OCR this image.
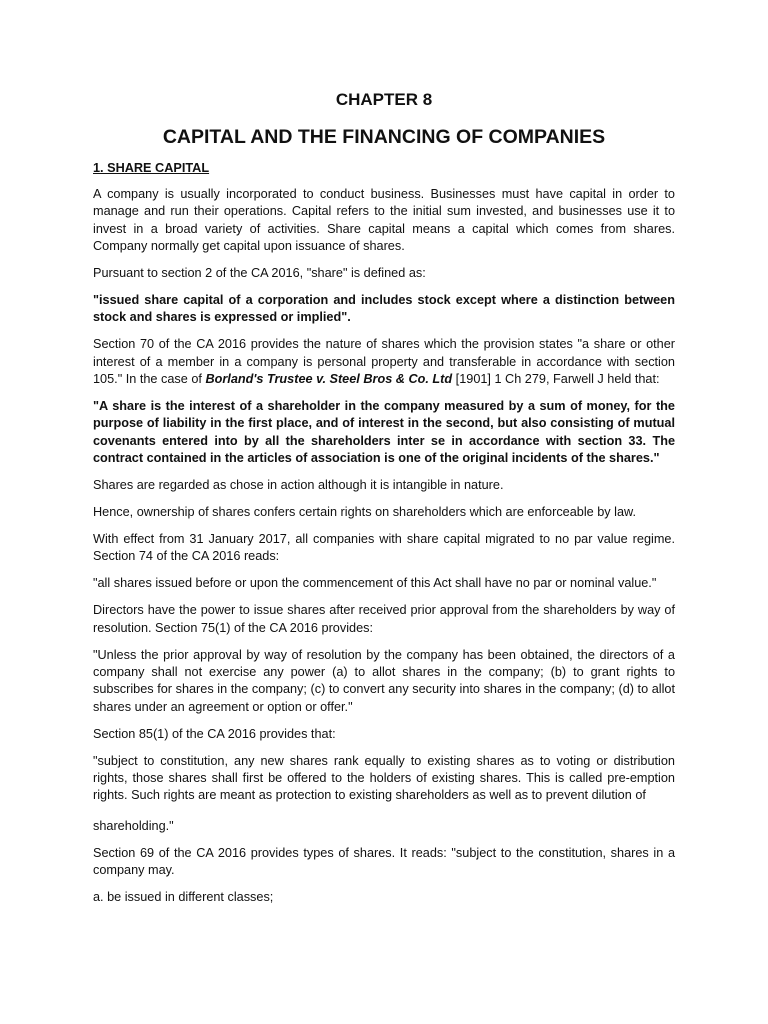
CHAPTER 8
CAPITAL AND THE FINANCING OF COMPANIES
1. SHARE CAPITAL

A company is usually incorporated to conduct business. Businesses must have capital in order to manage and run their operations. Capital refers to the initial sum invested, and businesses use it to invest in a broad variety of activities. Share capital means a capital which comes from shares. Company normally get capital upon issuance of shares.

Pursuant to section 2 of the CA 2016, "share" is defined as:

"issued share capital of a corporation and includes stock except where a distinction between stock and shares is expressed or implied".

Section 70 of the CA 2016 provides the nature of shares which the provision states "a share or other interest of a member in a company is personal property and transferable in accordance with section 105." In the case of Borland's Trustee v. Steel Bros & Co. Ltd [1901] 1 Ch 279, Farwell J held that:

"A share is the interest of a shareholder in the company measured by a sum of money, for the purpose of liability in the first place, and of interest in the second, but also consisting of mutual covenants entered into by all the shareholders inter se in accordance with section 33. The contract contained in the articles of association is one of the original incidents of the shares."

Shares are regarded as chose in action although it is intangible in nature.

Hence, ownership of shares confers certain rights on shareholders which are enforceable by law.

With effect from 31 January 2017, all companies with share capital migrated to no par value regime. Section 74 of the CA 2016 reads:

"all shares issued before or upon the commencement of this Act shall have no par or nominal value."

Directors have the power to issue shares after received prior approval from the shareholders by way of resolution. Section 75(1) of the CA 2016 provides:

"Unless the prior approval by way of resolution by the company has been obtained, the directors of a company shall not exercise any power (a) to allot shares in the company; (b) to grant rights to subscribes for shares in the company; (c) to convert any security into shares in the company; (d) to allot shares under an agreement or option or offer."

Section 85(1) of the CA 2016 provides that:

"subject to constitution, any new shares rank equally to existing shares as to voting or distribution rights, those shares shall first be offered to the holders of existing shares. This is called pre-emption rights. Such rights are meant as protection to existing shareholders as well as to prevent dilution of

shareholding."

Section 69 of the CA 2016 provides types of shares. It reads: "subject to the constitution, shares in a company may.

a. be issued in different classes;
